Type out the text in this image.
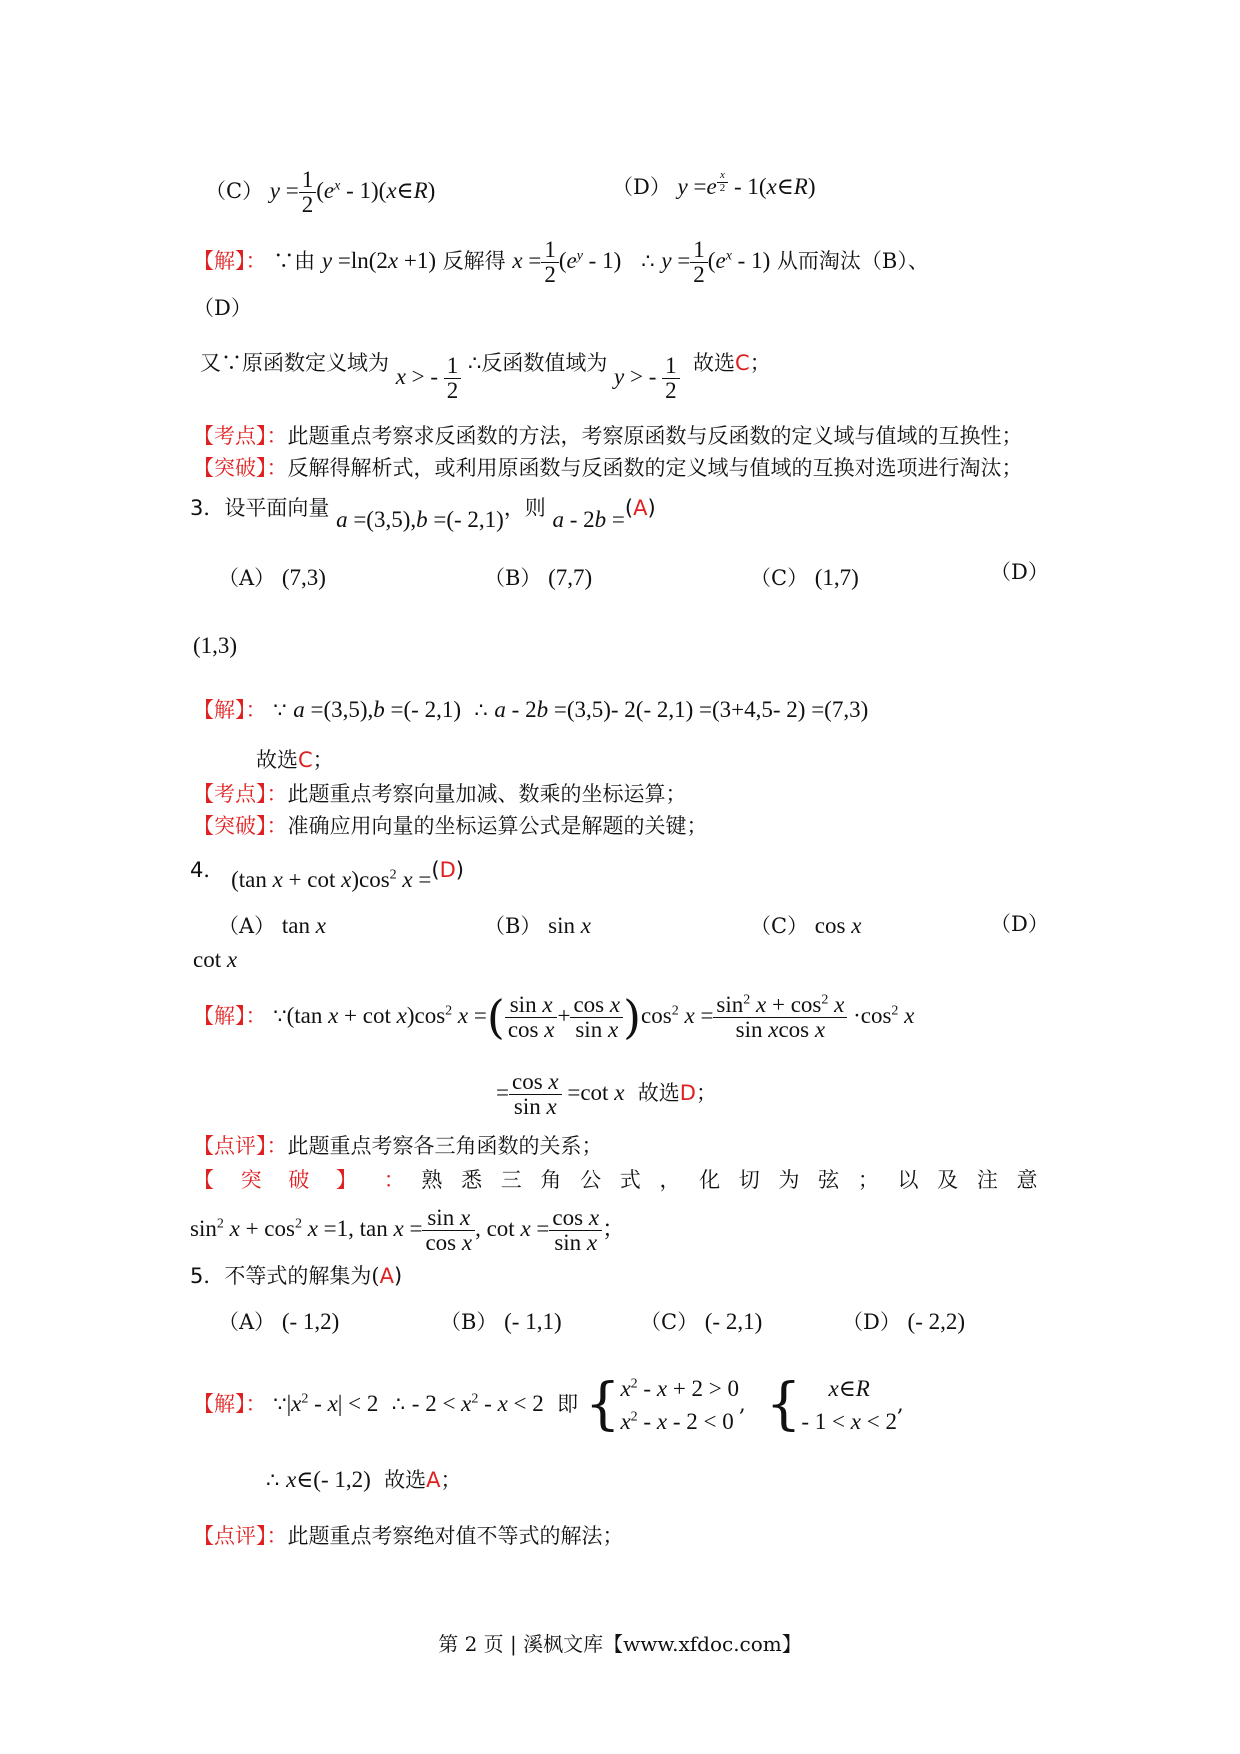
（C） $y = \frac{1}{2} (e^x$ - 1)(x∈R)	（D） y =e $^{\frac{x}{2}}$ - 1(x∈R)
【解】： ∵由 y =ln(2x +1) 反解得 $x = \frac{1}{2} (e^y - 1)$ ∴ $y = \frac{1}{2} (e^x - 1)$ 从而淘汰（B）、
（D）
又∵原函数定义域为 x > - $\frac{1}{2}$ ∴反函数值域为 y > - $\frac{1}{2}$ 故选C；
【考点】：此题重点考察求反函数的方法，考察原函数与反函数的定义域与值域的互换性；
【突破】：反解得解析式，或利用原函数与反函数的定义域与值域的互换对选项进行淘汰；
3．设平面向量 a =(3,5),b =(- 2,1)，则 a - 2b =(A)
（A） (7,3)	（B） (7,7)	（C） (1,7)	（D）
(1,3)
【解】： ∵ a =(3,5),b =(- 2,1) ∴ a - 2b =(3,5)- 2(- 2,1) =(3+4,5- 2) =(7,3)
故选C；
【考点】：此题重点考察向量加减、数乘的坐标运算；
【突破】：准确应用向量的坐标运算公式是解题的关键；
4． (tan $x + \cot x)\cos^2$ x =(D)
（A） tan x	（B） sin x	（C） cos x	（D）
cot x
【解】： ∵(tan $x + \cot x)\cos^2$ x =( $\frac{\text{sin x}}{\text{cos x}} + \frac{\text{cos x}}{\text{sin x}} )\cos^2$ $x = \frac{\sin^2 x + \cos^2 x}{\text{sin xcos x}} \cdot\cos^2$ x
= $\frac{\text{cos x}}{\text{sin x}} =\cot$ x 故选D；
【点评】：此题重点考察各三角函数的关系；
【 突 破 】 ： 熟 悉 三 角 公 式 ， 化 切 为 弦 ； 以 及 注 意
$\sin^2 x + \cos^2 x =1$, $\tan x = \frac{\text{sin x}}{\text{cos x}}$ , $\cot x = \frac{\text{cos x}}{\text{sin x}}$ ；
5．不等式的解集为(A)
（A） (- 1,2)	（B） (- 1,1)	（C） (- 2,1)	（D） (- 2,2)
【解】： $\because|x^2 - x| < 2$ ∴ - $2 < x^2 - x < 2$ 即 { $x^2 - x + 2 > 0$
$x^2 - x - 2 < 0$
,   {	x∈R
- 1 < x < 2
,
∴ x∈(- 1,2) 故选A；
【点评】：此题重点考察绝对值不等式的解法；
第 2 页 | 溪枫文库【www.xfdoc.com】
